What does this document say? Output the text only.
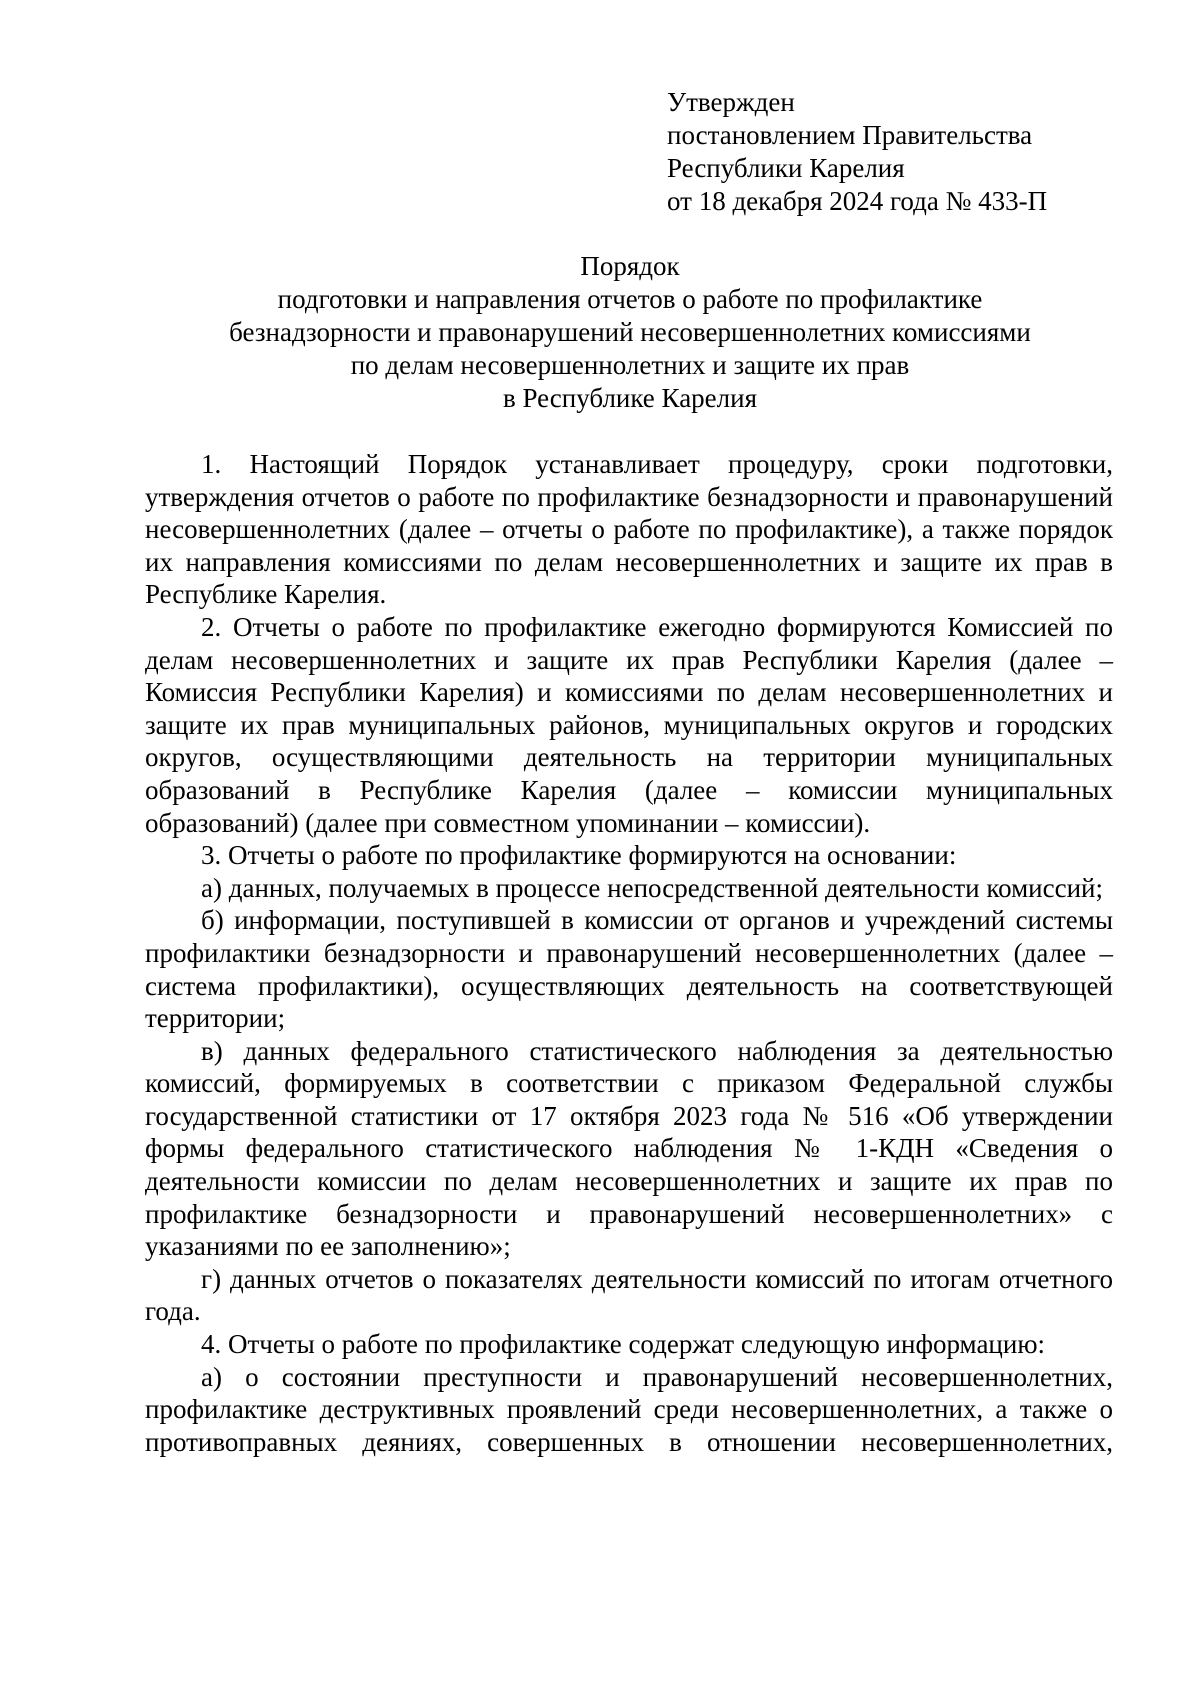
Утвержден
постановлением Правительства
Республики Карелия
от 18 декабря 2024 года № 433-П
Порядок
подготовки и направления отчетов о работе по профилактике
безнадзорности и правонарушений несовершеннолетних комиссиями
по делам несовершеннолетних и защите их прав
в Республике Карелия

1. Настоящий Порядок устанавливает процедуру, сроки подготовки, утверждения отчетов о работе по профилактике безнадзорности и правонарушений несовершеннолетних (далее – отчеты о работе по профилактике), а также порядок их направления комиссиями по делам несовершеннолетних и защите их прав в Республике Карелия.

2. Отчеты о работе по профилактике ежегодно формируются Комиссией по делам несовершеннолетних и защите их прав Республики Карелия (далее – Комиссия Республики Карелия) и комиссиями по делам несовершеннолетних и защите их прав муниципальных районов, муниципальных округов и городских округов, осуществляющими деятельность на территории муниципальных образований в Республике Карелия (далее – комиссии муниципальных образований) (далее при совместном упоминании – комиссии).

3. Отчеты о работе по профилактике формируются на основании:

а) данных, получаемых в процессе непосредственной деятельности комиссий;

б) информации, поступившей в комиссии от органов и учреждений системы профилактики безнадзорности и правонарушений несовершеннолетних (далее – система профилактики), осуществляющих деятельность на соответствующей территории;

в) данных федерального статистического наблюдения за деятельностью комиссий, формируемых в соответствии с приказом Федеральной службы государственной статистики от 17 октября 2023 года № 516 «Об утверждении формы федерального статистического наблюдения № 1-КДН «Сведения о деятельности комиссии по делам несовершеннолетних и защите их прав по профилактике безнадзорности и правонарушений несовершеннолетних» с указаниями по ее заполнению»;

г) данных отчетов о показателях деятельности комиссий по итогам отчетного года.

4. Отчеты о работе по профилактике содержат следующую информацию:

а) о состоянии преступности и правонарушений несовершеннолетних, профилактике деструктивных проявлений среди несовершеннолетних, а также о противоправных деяниях, совершенных в отношении несовершеннолетних,
